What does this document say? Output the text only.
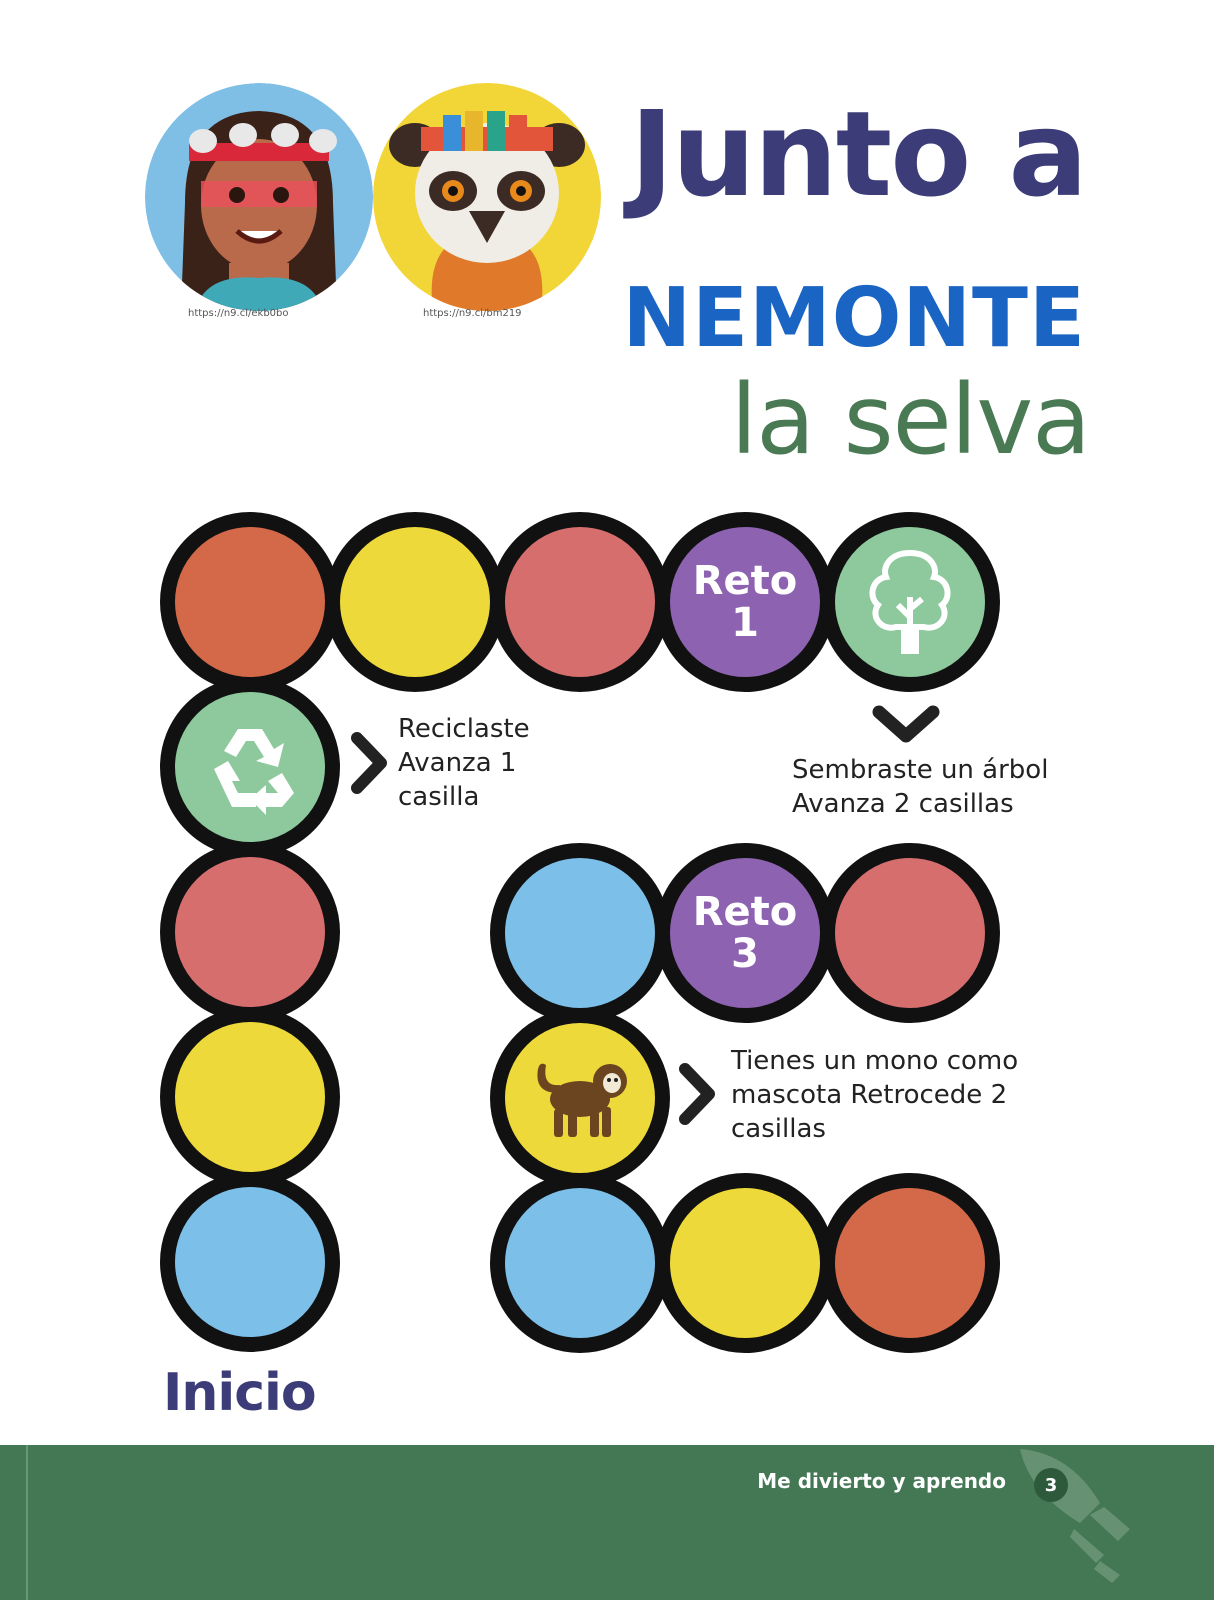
https://n9.cl/ekb0bo	https://n9.cl/bm219
Junto a
NEMONTE
la selva
Reto
1
Reto
3
Reciclaste
Avanza 1
casilla
Sembraste un árbol
Avanza 2 casillas
Tienes un mono como
mascota Retrocede 2
casillas
Inicio
Me divierto y aprendo	3
